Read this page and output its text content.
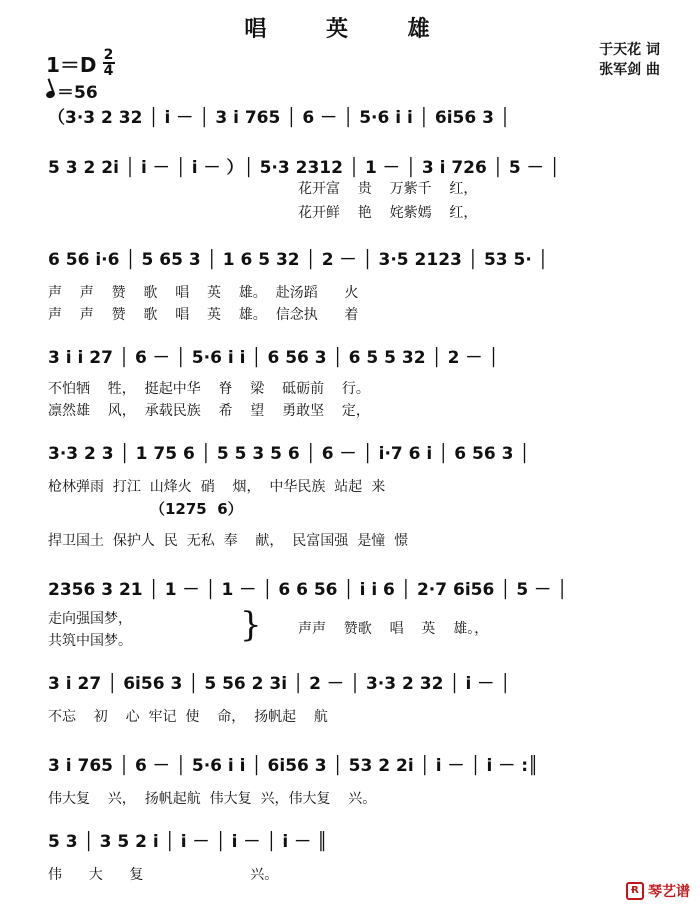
唱 英 雄
于天花 词
张军剑 曲
1＝D 2
4
＝56
（3·3 2 32 │ i － │ 3 i 765 │ 6 － │ 5·6 i i │ 6i56 3 │
5 3 2 2i │ i － │ i － ）│ 5·3 2312 │ 1 － │ 3 i 726 │ 5 － │
花开富    贵    万紫千    红，
花开鲜    艳    姹紫嫣    红，
6 56 i·6 │ 5 65 3 │ 1 6 5 32 │ 2 － │ 3·5 2123 │ 53 5· │
声    声    赞    歌    唱    英    雄。  赴汤蹈      火
声    声    赞    歌    唱    英    雄。  信念执      着
3 i i 27 │ 6 － │ 5·6 i i │ 6 56 3 │ 6 5 5 32 │ 2 － │
不怕牺    牲，  挺起中华    脊    梁    砥砺前    行。
凛然雄    风，  承载民族    希    望    勇敢坚    定，
3·3 2 3 │ 1 75 6 │ 5 5 3 5 6 │ 6 － │ i·7 6 i │ 6 56 3 │
枪林弹雨  打江  山烽火  硝    烟，  中华民族  站起  来
（1275  6）
捍卫国土  保护人  民  无私  奉    献，  民富国强  是憧  憬
2356 3 21 │ 1 － │ 1 － │ 6 6 56 │ i i 6 │ 2·7 6i56 │ 5 － │
走向强国梦，
共筑中国梦。	}	声声    赞歌    唱    英    雄。，
3 i 27 │ 6i56 3 │ 5 56 2 3i │ 2 － │ 3·3 2 32 │ i － │
不忘    初    心  牢记  使    命，  扬帆起    航
3 i 765 │ 6 － │ 5·6 i i │ 6i56 3 │ 53 2 2i │ i － │ i － :║
伟大复    兴，  扬帆起航  伟大复  兴，伟大复    兴。
5 3 │ 3 5 2 i │ i － │ i － │ i － ║
伟      大      复                        兴。
Ɍ 琴艺谱
